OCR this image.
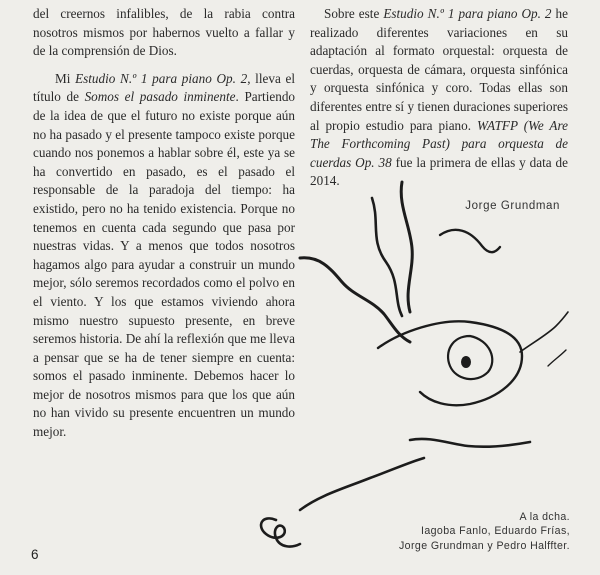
del creernos infalibles, de la rabia contra nosotros mismos por habernos vuelto a fallar y de la comprensión de Dios.

Mi Estudio N.º 1 para piano Op. 2, lleva el título de Somos el pasado inminente. Partiendo de la idea de que el futuro no existe porque aún no ha pasado y el presente tampoco existe porque cuando nos ponemos a hablar sobre él, este ya se ha convertido en pasado, es el pasado el responsable de la paradoja del tiempo: ha existido, pero no ha tenido existencia. Porque no tenemos en cuenta cada segundo que pasa por nuestras vidas. Y a menos que todos nosotros hagamos algo para ayudar a construir un mundo mejor, sólo seremos recordados como el polvo en el viento. Y los que estamos viviendo ahora mismo nuestro supuesto presente, en breve seremos historia. De ahí la reflexión que me lleva a pensar que se ha de tener siempre en cuenta: somos el pasado inminente. Debemos hacer lo mejor de nosotros mismos para que los que aún no han vivido su presente encuentren un mundo mejor.

Sobre este Estudio N.º 1 para piano Op. 2 he realizado diferentes variaciones en su adaptación al formato orquestal: orquesta de cuerdas, orquesta de cámara, orquesta sinfónica y orquesta sinfónica y coro. Todas ellas son diferentes entre sí y tienen duraciones superiores al propio estudio para piano. WATFP (We Are The Forthcoming Past) para orquesta de cuerdas Op. 38 fue la primera de ellas y data de 2014.

Jorge Grundman
A la dcha.
Iagoba Fanlo, Eduardo Frías,
Jorge Grundman y Pedro Halffter.
6
